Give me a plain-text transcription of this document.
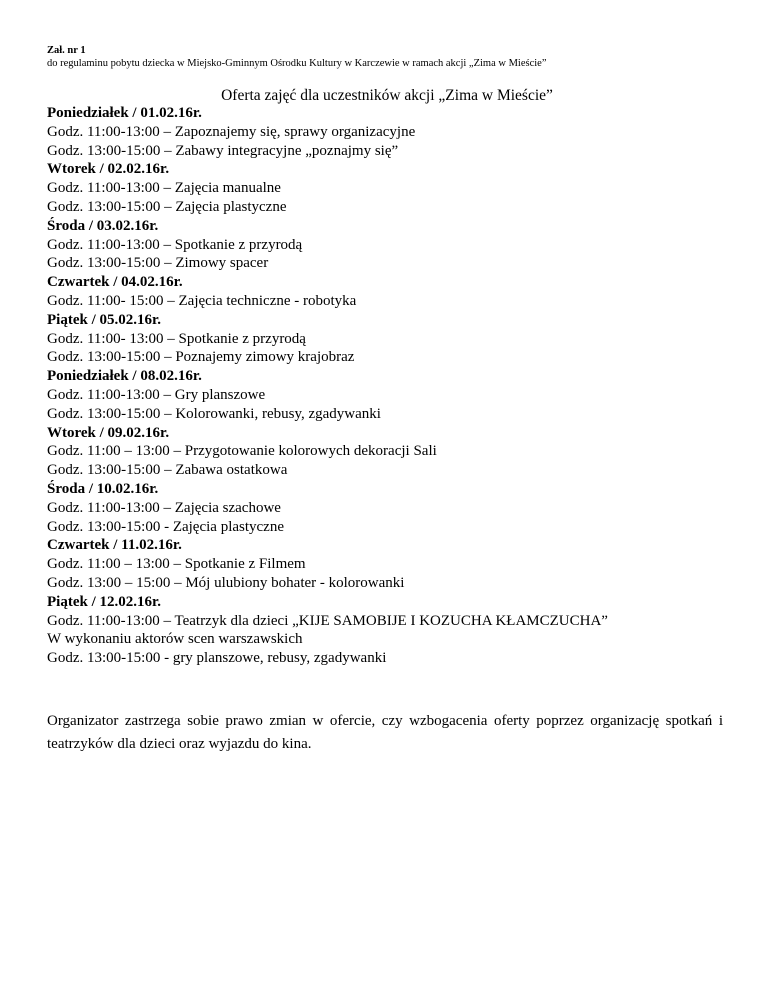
Zał. nr 1
do regulaminu pobytu dziecka w Miejsko-Gminnym Ośrodku Kultury w Karczewie w ramach akcji „Zima w Mieście”
Oferta zajęć dla uczestników akcji „Zima w Mieście”
Poniedziałek / 01.02.16r.
Godz. 11:00-13:00 – Zapoznajemy się, sprawy organizacyjne
Godz. 13:00-15:00 – Zabawy integracyjne „poznajmy się”
Wtorek / 02.02.16r.
Godz. 11:00-13:00 – Zajęcia manualne
Godz. 13:00-15:00 – Zajęcia plastyczne
Środa / 03.02.16r.
Godz. 11:00-13:00 – Spotkanie z przyrodą
Godz. 13:00-15:00 – Zimowy spacer
Czwartek / 04.02.16r.
Godz. 11:00- 15:00 – Zajęcia techniczne - robotyka
Piątek / 05.02.16r.
Godz. 11:00- 13:00 – Spotkanie z przyrodą
Godz. 13:00-15:00 – Poznajemy zimowy krajobraz
Poniedziałek / 08.02.16r.
Godz. 11:00-13:00 – Gry planszowe
Godz. 13:00-15:00 – Kolorowanki, rebusy, zgadywanki
Wtorek / 09.02.16r.
Godz. 11:00 – 13:00 – Przygotowanie kolorowych dekoracji Sali
Godz. 13:00-15:00 – Zabawa ostatkowa
Środa / 10.02.16r.
Godz. 11:00-13:00 – Zajęcia szachowe
Godz. 13:00-15:00 - Zajęcia plastyczne
Czwartek / 11.02.16r.
Godz. 11:00 – 13:00 – Spotkanie z Filmem
Godz. 13:00 – 15:00 – Mój ulubiony bohater - kolorowanki
Piątek / 12.02.16r.
Godz. 11:00-13:00 – Teatrzyk dla dzieci „KIJE SAMOBIJE I KOZUCHA KŁAMCZUCHA”
W wykonaniu aktorów scen warszawskich
Godz. 13:00-15:00 - gry planszowe, rebusy, zgadywanki
Organizator zastrzega sobie prawo zmian w ofercie, czy wzbogacenia oferty poprzez organizację spotkań i teatrzyków dla dzieci oraz wyjazdu do kina.
